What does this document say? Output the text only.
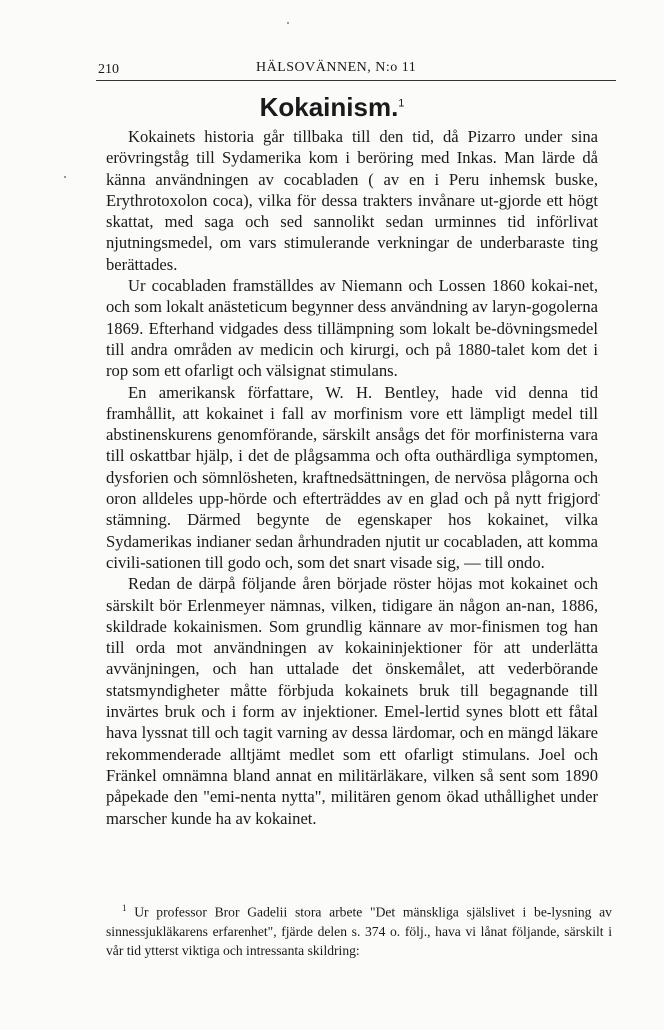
210	HÄLSOVÄNNEN, N:o 11
Kokainism.$^1$

Kokainets historia går tillbaka till den tid, då Pizarro under sina erövringståg till Sydamerika kom i beröring med Inkas. Man lärde då känna användningen av cocabladen ( av en i Peru inhemsk buske, Erythrotoxolon coca), vilka för dessa trakters invånare ut-gjorde ett högt skattat, med saga och sed sannolikt sedan urminnes tid införlivat njutningsmedel, om vars stimulerande verkningar de underbaraste ting berättades.

Ur cocabladen framställdes av Niemann och Lossen 1860 kokai-net, och som lokalt anästeticum begynner dess användning av laryn-gogolerna 1869. Efterhand vidgades dess tillämpning som lokalt be-dövningsmedel till andra områden av medicin och kirurgi, och på 1880-talet kom det i rop som ett ofarligt och välsignat stimulans.

En amerikansk författare, W. H. Bentley, hade vid denna tid framhållit, att kokainet i fall av morfinism vore ett lämpligt medel till abstinenskurens genomförande, särskilt ansågs det för morfinisterna vara till oskattbar hjälp, i det de plågsamma och ofta outhärdliga symptomen, dysforien och sömnlösheten, kraftnedsättningen, de nervösa plågorna och oron alldeles upp-hörde och efterträddes av en glad och på nytt frigjord stämning. Därmed begynte de egenskaper hos kokainet, vilka Sydamerikas indianer sedan århundraden njutit ur cocabladen, att komma civili-sationen till godo och, som det snart visade sig, — till ondo.

Redan de därpå följande åren började röster höjas mot kokainet och särskilt bör Erlenmeyer nämnas, vilken, tidigare än någon an-nan, 1886, skildrade kokainismen. Som grundlig kännare av mor-finismen tog han till orda mot användningen av kokaininjektioner för att underlätta avvänjningen, och han uttalade det önskemålet, att vederbörande statsmyndigheter måtte förbjuda kokainets bruk till begagnande till invärtes bruk och i form av injektioner. Emel-lertid synes blott ett fåtal hava lyssnat till och tagit varning av dessa lärdomar, och en mängd läkare rekommenderade alltjämt medlet som ett ofarligt stimulans. Joel och Fränkel omnämna bland annat en militärläkare, vilken så sent som 1890 påpekade den "emi-nenta nytta", militären genom ökad uthållighet under marscher kunde ha av kokainet.

$^1$ Ur professor Bror Gadelii stora arbete "Det mänskliga själslivet i be-lysning av sinnessjukläkarens erfarenhet", fjärde delen s. 374 o. följ., hava vi lånat följande, särskilt i vår tid ytterst viktiga och intressanta skildring:
